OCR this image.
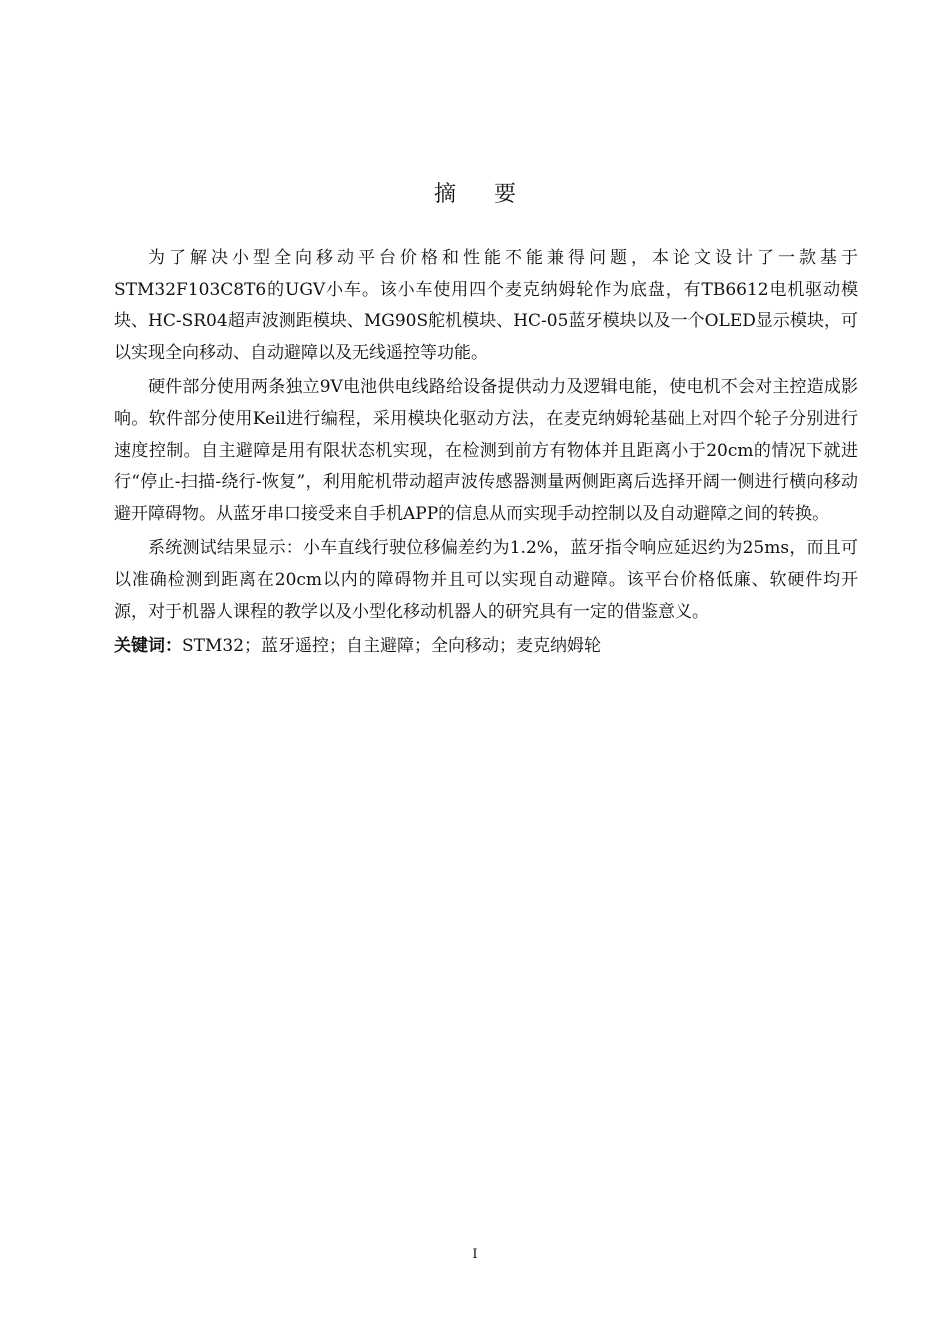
摘要

为了解决小型全向移动平台价格和性能不能兼得问题，本论文设计了一款基于STM32F103C8T6的UGV小车。该小车使用四个麦克纳姆轮作为底盘，有TB6612电机驱动模块、HC-SR04超声波测距模块、MG90S舵机模块、HC-05蓝牙模块以及一个OLED显示模块，可以实现全向移动、自动避障以及无线遥控等功能。

硬件部分使用两条独立9V电池供电线路给设备提供动力及逻辑电能，使电机不会对主控造成影响。软件部分使用Keil进行编程，采用模块化驱动方法，在麦克纳姆轮基础上对四个轮子分别进行速度控制。自主避障是用有限状态机实现，在检测到前方有物体并且距离小于20cm的情况下就进行“停止-扫描-绕行-恢复”，利用舵机带动超声波传感器测量两侧距离后选择开阔一侧进行横向移动避开障碍物。从蓝牙串口接受来自手机APP的信息从而实现手动控制以及自动避障之间的转换。

系统测试结果显示：小车直线行驶位移偏差约为1.2%，蓝牙指令响应延迟约为25ms，而且可以准确检测到距离在20cm以内的障碍物并且可以实现自动避障。该平台价格低廉、软硬件均开源，对于机器人课程的教学以及小型化移动机器人的研究具有一定的借鉴意义。

关键词：STM32；蓝牙遥控；自主避障；全向移动；麦克纳姆轮

I
